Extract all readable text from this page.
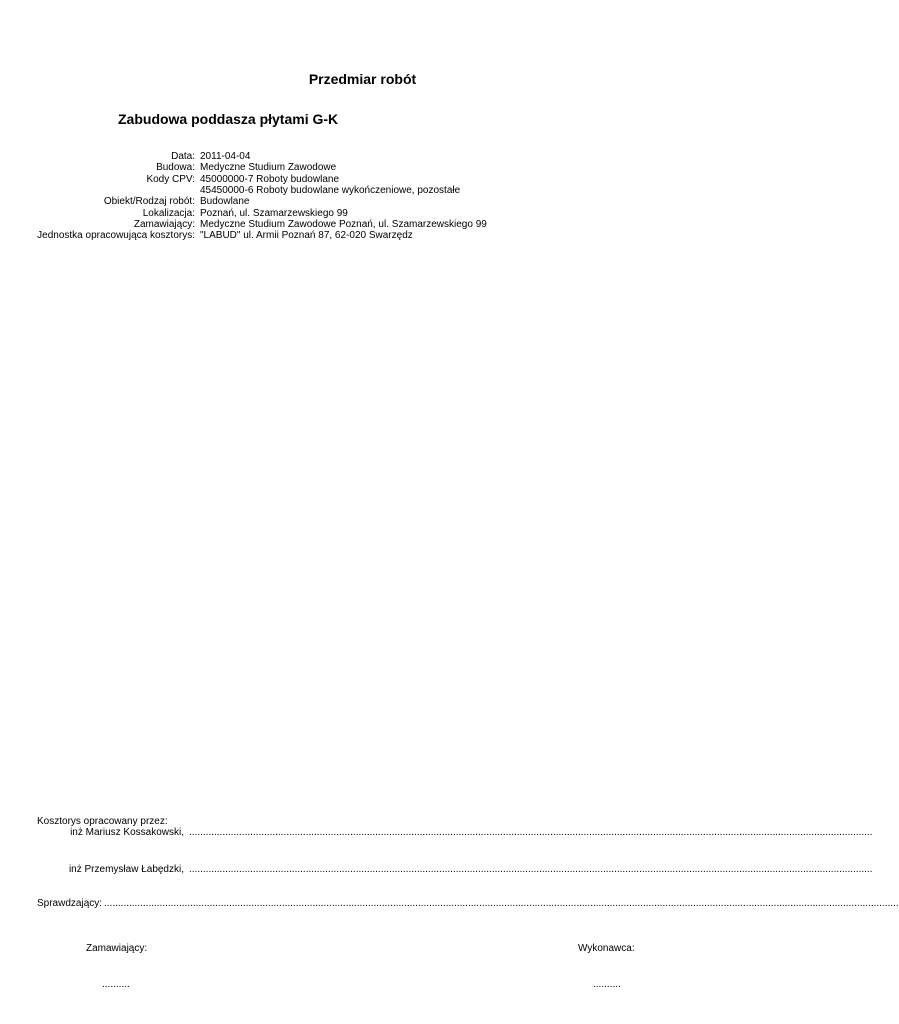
Przedmiar robót
Zabudowa poddasza płytami G-K
Data: 2011-04-04
Budowa: Medyczne Studium Zawodowe
Kody CPV: 45000000-7 Roboty budowlane
45450000-6 Roboty budowlane wykończeniowe, pozostałe
Obiekt/Rodzaj robót: Budowlane
Lokalizacja: Poznań, ul. Szamarzewskiego 99
Zamawiający: Medyczne Studium Zawodowe Poznań, ul. Szamarzewskiego 99
Jednostka opracowująca kosztorys: "LABUD" ul. Armii Poznań 87, 62-020 Swarzędz
Kosztorys opracowany przez:
inż Mariusz Kossakowski, ......................................................................................................................................................................................................................................................
inż Przemysław Łabędzki, ......................................................................................................................................................................................................................................................
Sprawdzający: ..............................................................................................................................................................................................................................................................................................
Zamawiający:	Wykonawca:
..........	..........
